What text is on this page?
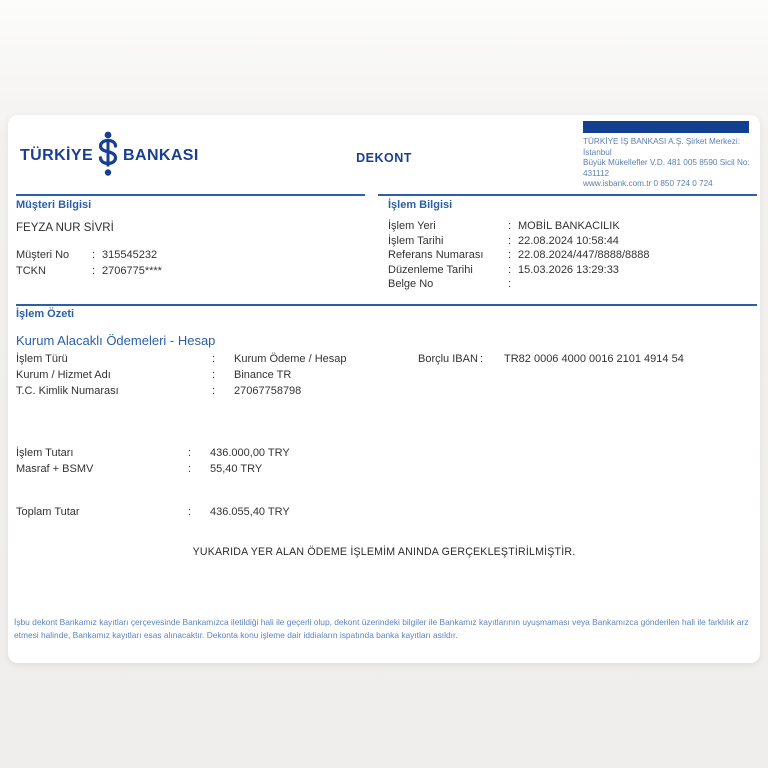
TÜRKİYE BANKASI	DEKONT
TÜRKİYE İŞ BANKASI A.Ş. Şirket Merkezi: İstanbul
Büyük Mükellefler V.D. 481 005 8590 Sicil No: 431112
www.isbank.com.tr 0 850 724 0 724
Müşteri Bilgisi
FEYZA NUR SİVRİ
Müşteri No	: 315545232
TCKN	: 2706775****
İşlem Bilgisi
İşlem Yeri	: MOBİL BANKACILIK
İşlem Tarihi	: 22.08.2024 10:58:44
Referans Numarası	: 22.08.2024/447/8888/8888
Düzenleme Tarihi	: 15.03.2026 13:29:33
Belge No	:
İşlem Özeti
Kurum Alacaklı Ödemeleri - Hesap
İşlem Türü	:	Kurum Ödeme / Hesap
Kurum / Hizmet Adı	:	Binance TR
T.C. Kimlik Numarası	:	27067758798
Borçlu IBAN :	TR82 0006 4000 0016 2101 4914 54
İşlem Tutarı	:	436.000,00 TRY
Masraf + BSMV	:	55,40 TRY
Toplam Tutar	:	436.055,40 TRY
YUKARIDA YER ALAN ÖDEME İŞLEMİM ANINDA GERÇEKLEŞTİRİLMİŞTİR.
İşbu dekont Bankamız kayıtları çerçevesinde Bankamızca iletildiği hali ile geçerli olup, dekont üzerindeki bilgiler ile Bankamız kayıtlarının uyuşmaması veya Bankamızca gönderilen hali ile farklılık arz etmesi halinde, Bankamız kayıtları esas alınacaktır. Dekonta konu işleme dair iddiaların ispatında banka kayıtları asıldır.
